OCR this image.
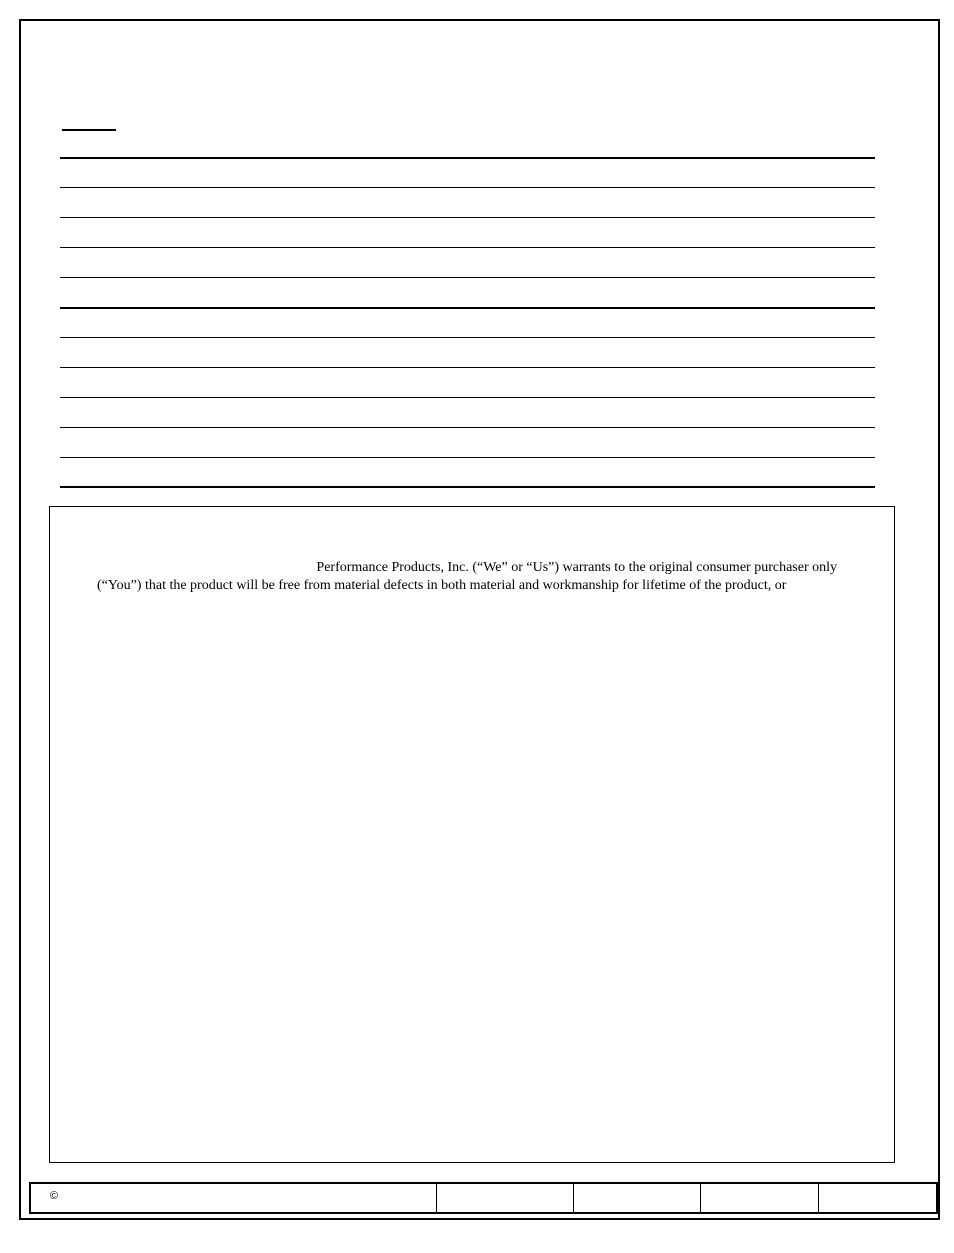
Performance Products, Inc. (“We” or “Us”) warrants to the original consumer purchaser only
(“You”) that the product will be free from material defects in both material and workmanship for lifetime of the product, or

©
